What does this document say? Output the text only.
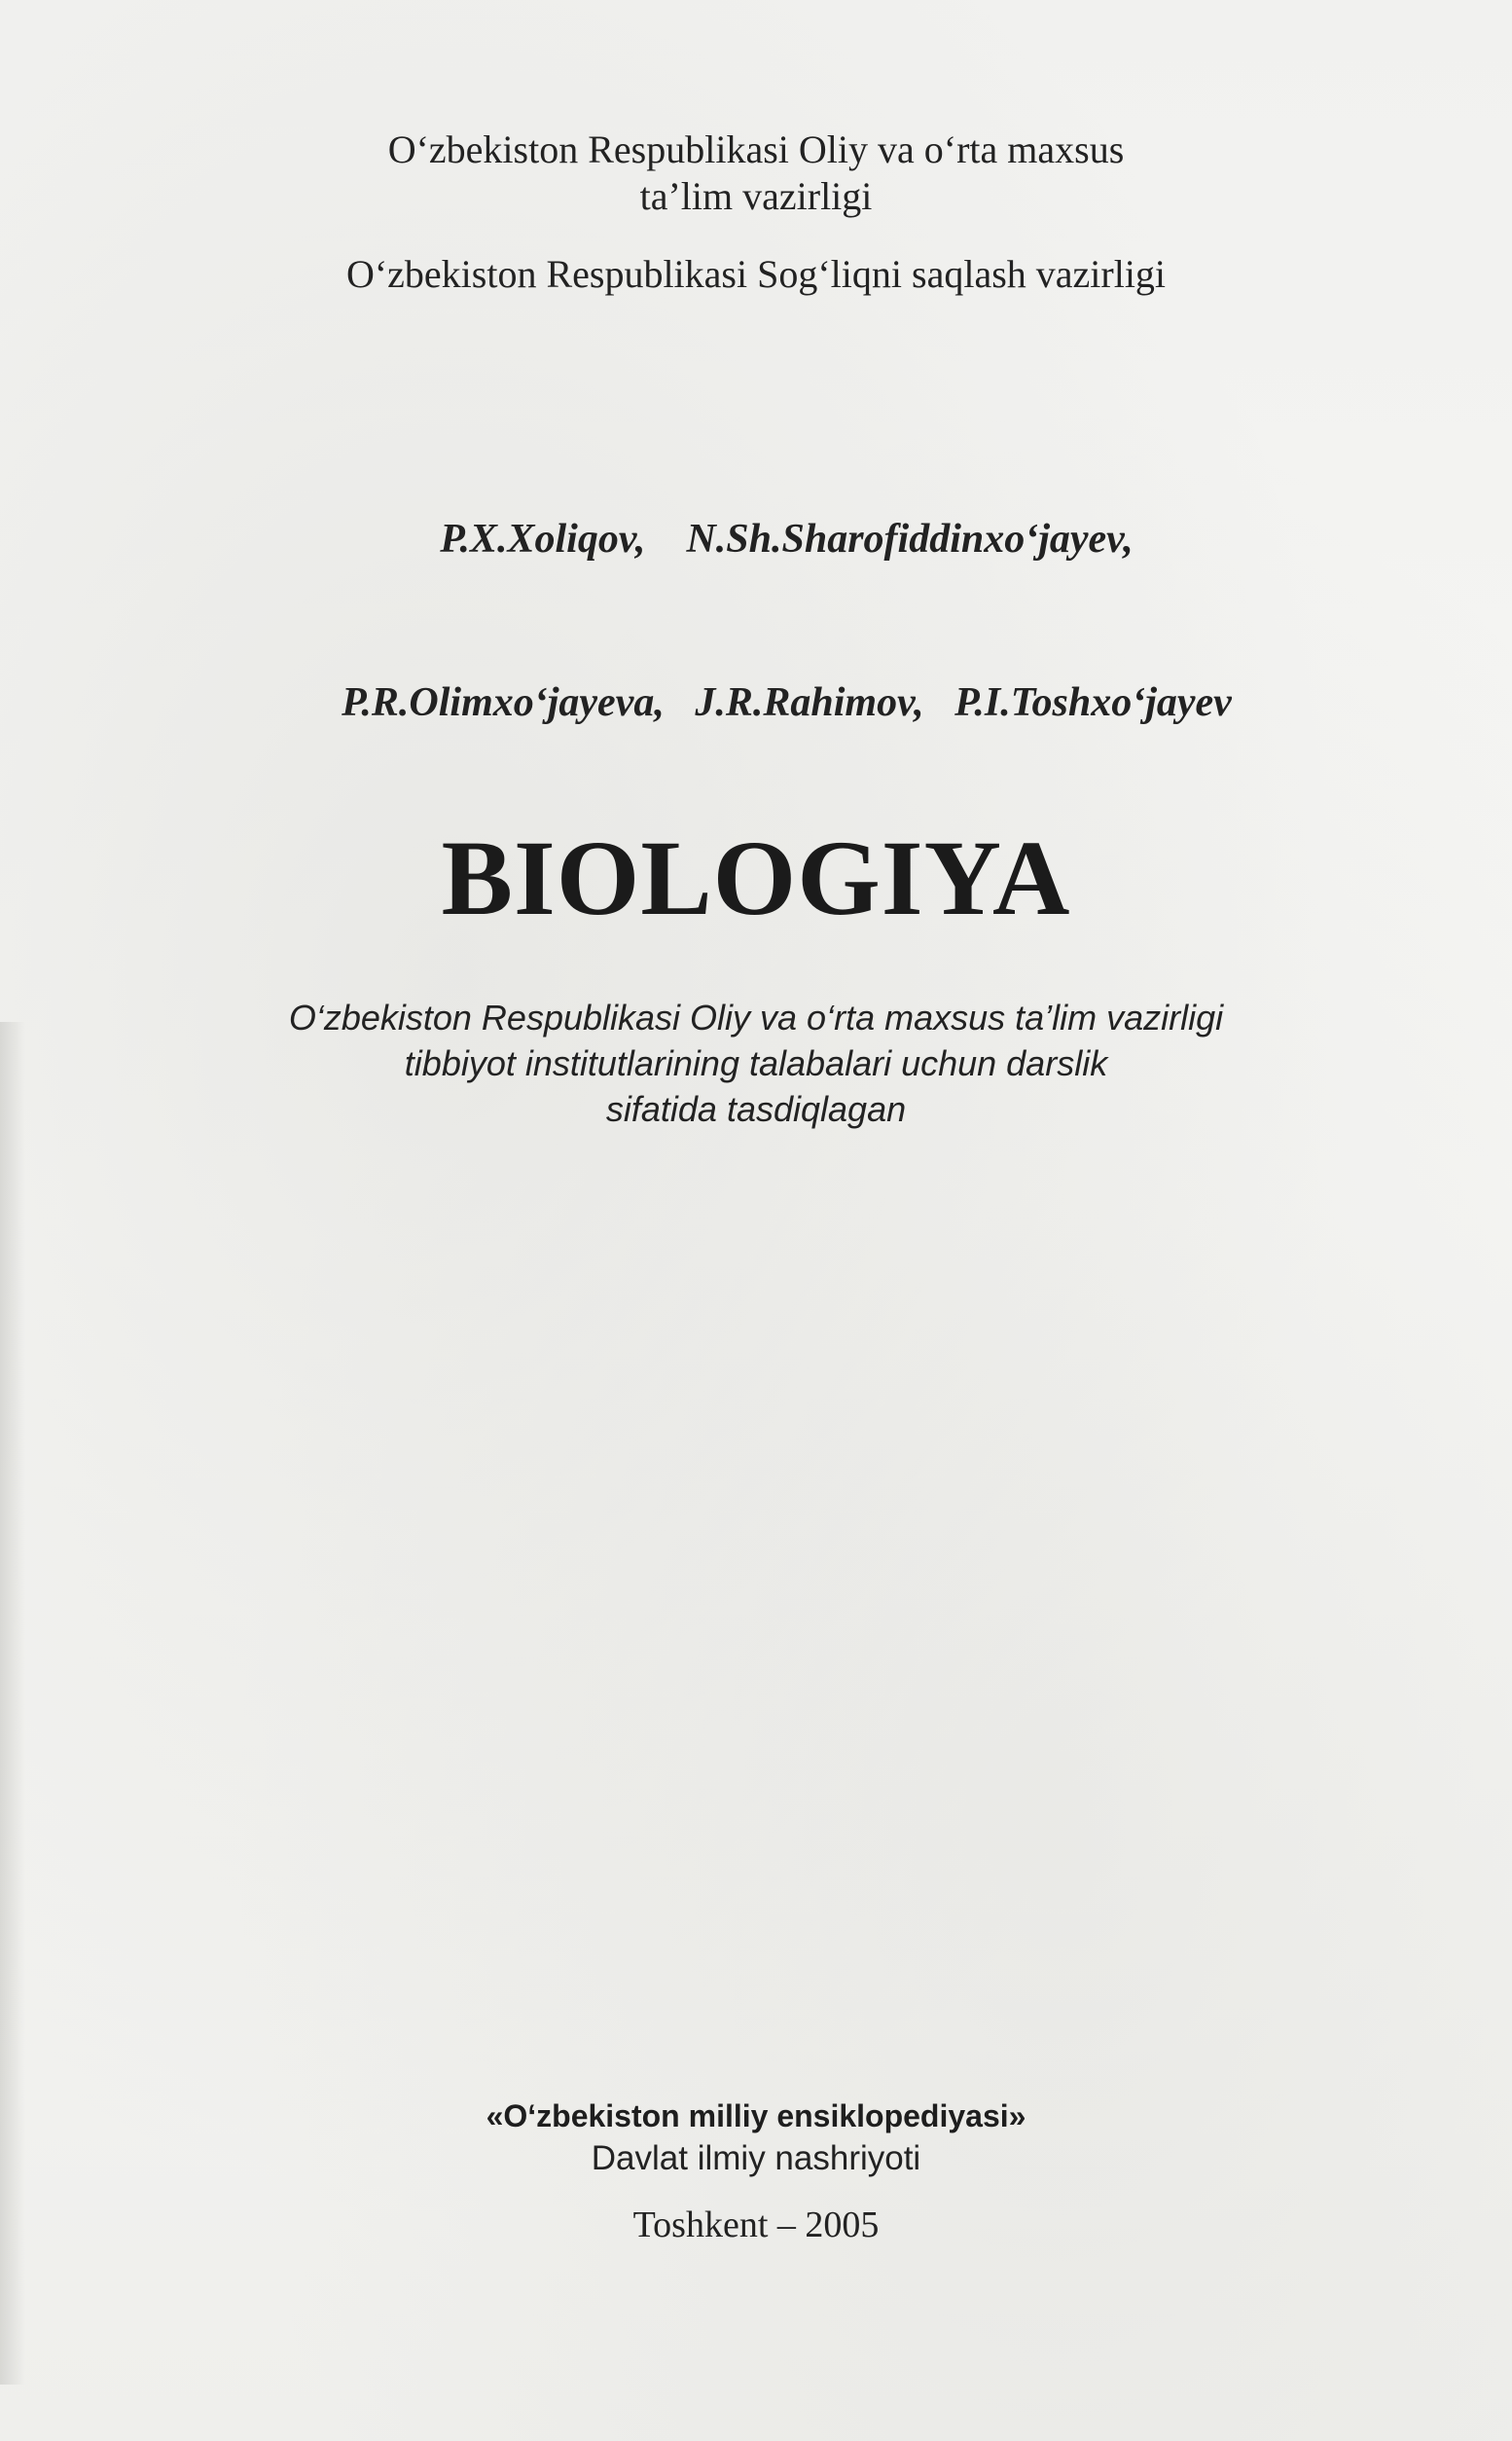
O‘zbekiston Respublikasi Oliy va o‘rta maxsus
ta’lim vazirligi
O‘zbekiston Respublikasi Sog‘liqni saqlash vazirligi

P.X.Xoliqov, N.Sh.Sharofiddinxo‘jayev,

P.R.Olimxo‘jayeva, J.R.Rahimov, P.I.Toshxo‘jayev

BIOLOGIYA
O‘zbekiston Respublikasi Oliy va o‘rta maxsus ta’lim vazirligi
tibbiyot institutlarining talabalari uchun darslik
sifatida tasdiqlagan
«O‘zbekiston milliy ensiklopediyasi»
Davlat ilmiy nashriyoti
Toshkent – 2005
